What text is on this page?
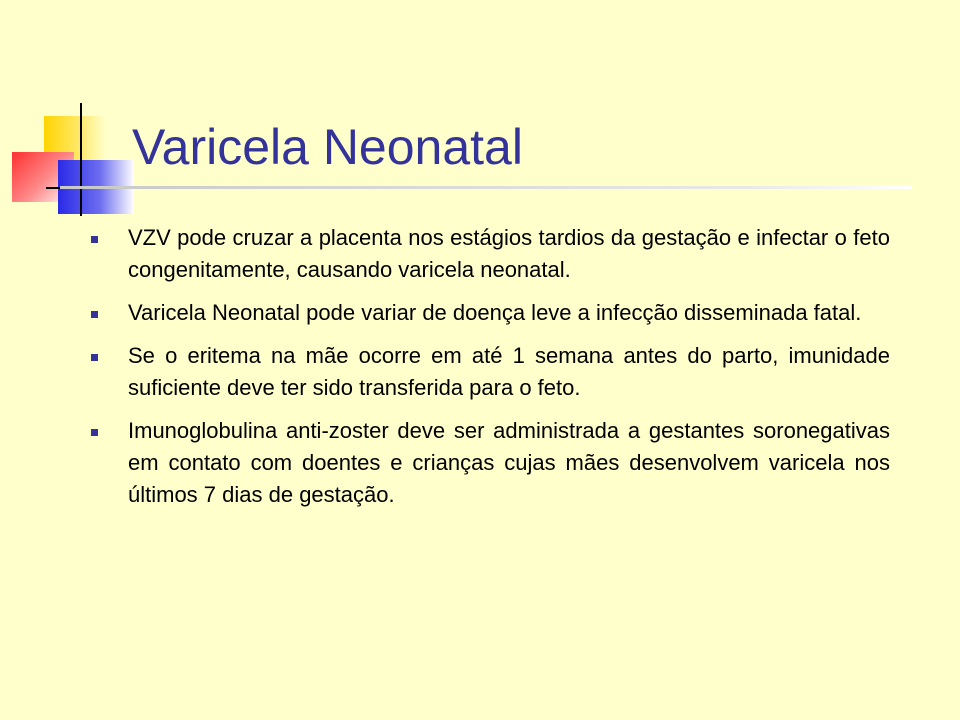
Varicela Neonatal
VZV pode cruzar a placenta nos estágios tardios da gestação e infectar o feto congenitamente, causando varicela neonatal.
Varicela Neonatal pode variar de doença leve a infecção disseminada fatal.
Se o eritema na mãe ocorre em até 1 semana antes do parto, imunidade suficiente deve ter sido transferida para o feto.
Imunoglobulina anti-zoster deve ser administrada a gestantes soronegativas em contato com doentes e crianças cujas mães desenvolvem varicela nos últimos 7 dias de gestação.
